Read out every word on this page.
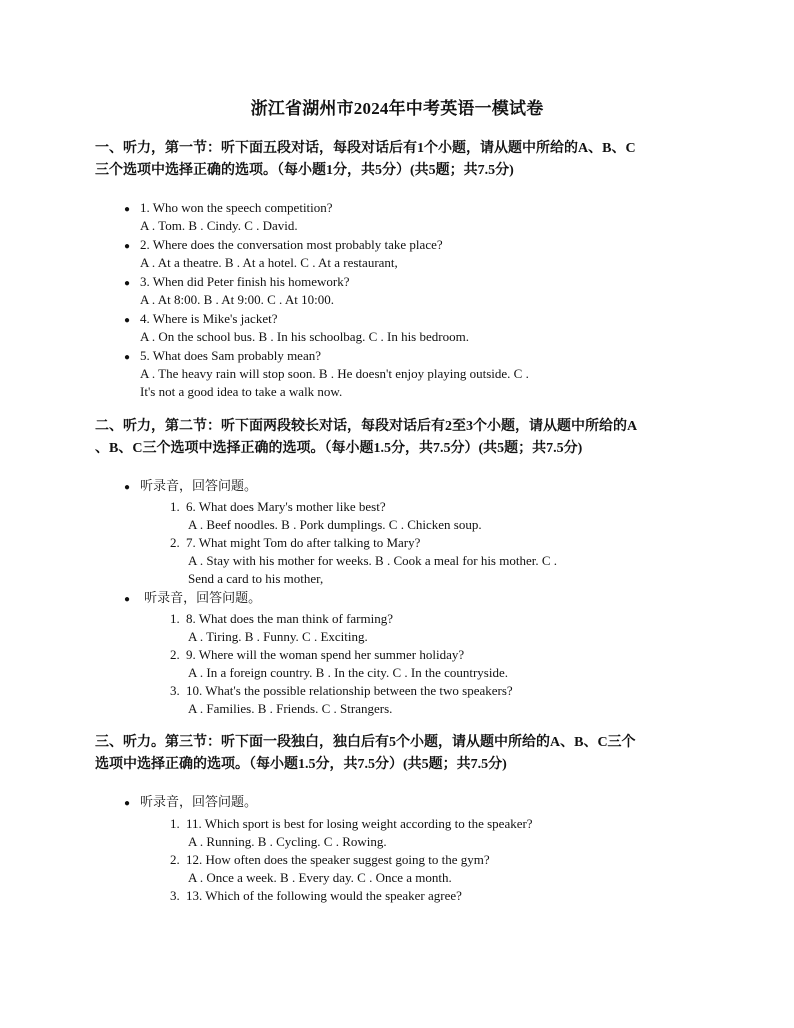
浙江省湖州市2024年中考英语一模试卷
一、听力，第一节：听下面五段对话，每段对话后有1个小题，请从题中所给的A、B、C
三个选项中选择正确的选项。（每小题1分，共5分）(共5题；共7.5分)
● 1. Who won the speech competition?
A . Tom. B . Cindy. C . David.
● 2. Where does the conversation most probably take place?
A . At a theatre. B . At a hotel. C . At a restaurant,
● 3. When did Peter finish his homework?
A . At 8:00. B . At 9:00. C . At 10:00.
● 4. Where is Mike's jacket?
A . On the school bus. B . In his schoolbag. C . In his bedroom.
● 5. What does Sam probably mean?
A . The heavy rain will stop soon. B . He doesn't enjoy playing outside. C .
It's not a good idea to take a walk now.
二、听力，第二节：听下面两段较长对话，每段对话后有2至3个小题，请从题中所给的A
、B、C三个选项中选择正确的选项。（每小题1.5分，共7.5分）(共5题；共7.5分)
● 听录音，回答问题。
1. 6. What does Mary's mother like best?
A . Beef noodles. B . Pork dumplings. C . Chicken soup.
2. 7. What might Tom do after talking to Mary?
A . Stay with his mother for weeks. B . Cook a meal for his mother. C .
Send a card to his mother,
● 听录音，回答问题。
1. 8. What does the man think of farming?
A . Tiring. B . Funny. C . Exciting.
2. 9. Where will the woman spend her summer holiday?
A . In a foreign country. B . In the city. C . In the countryside.
3. 10. What's the possible relationship between the two speakers?
A . Families. B . Friends. C . Strangers.
三、听力。第三节：听下面一段独白，独白后有5个小题，请从题中所给的A、B、C三个
选项中选择正确的选项。（每小题1.5分，共7.5分）(共5题；共7.5分)
● 听录音，回答问题。
1. 11. Which sport is best for losing weight according to the speaker?
A . Running. B . Cycling. C . Rowing.
2. 12. How often does the speaker suggest going to the gym?
A . Once a week. B . Every day. C . Once a month.
3. 13. Which of the following would the speaker agree?
